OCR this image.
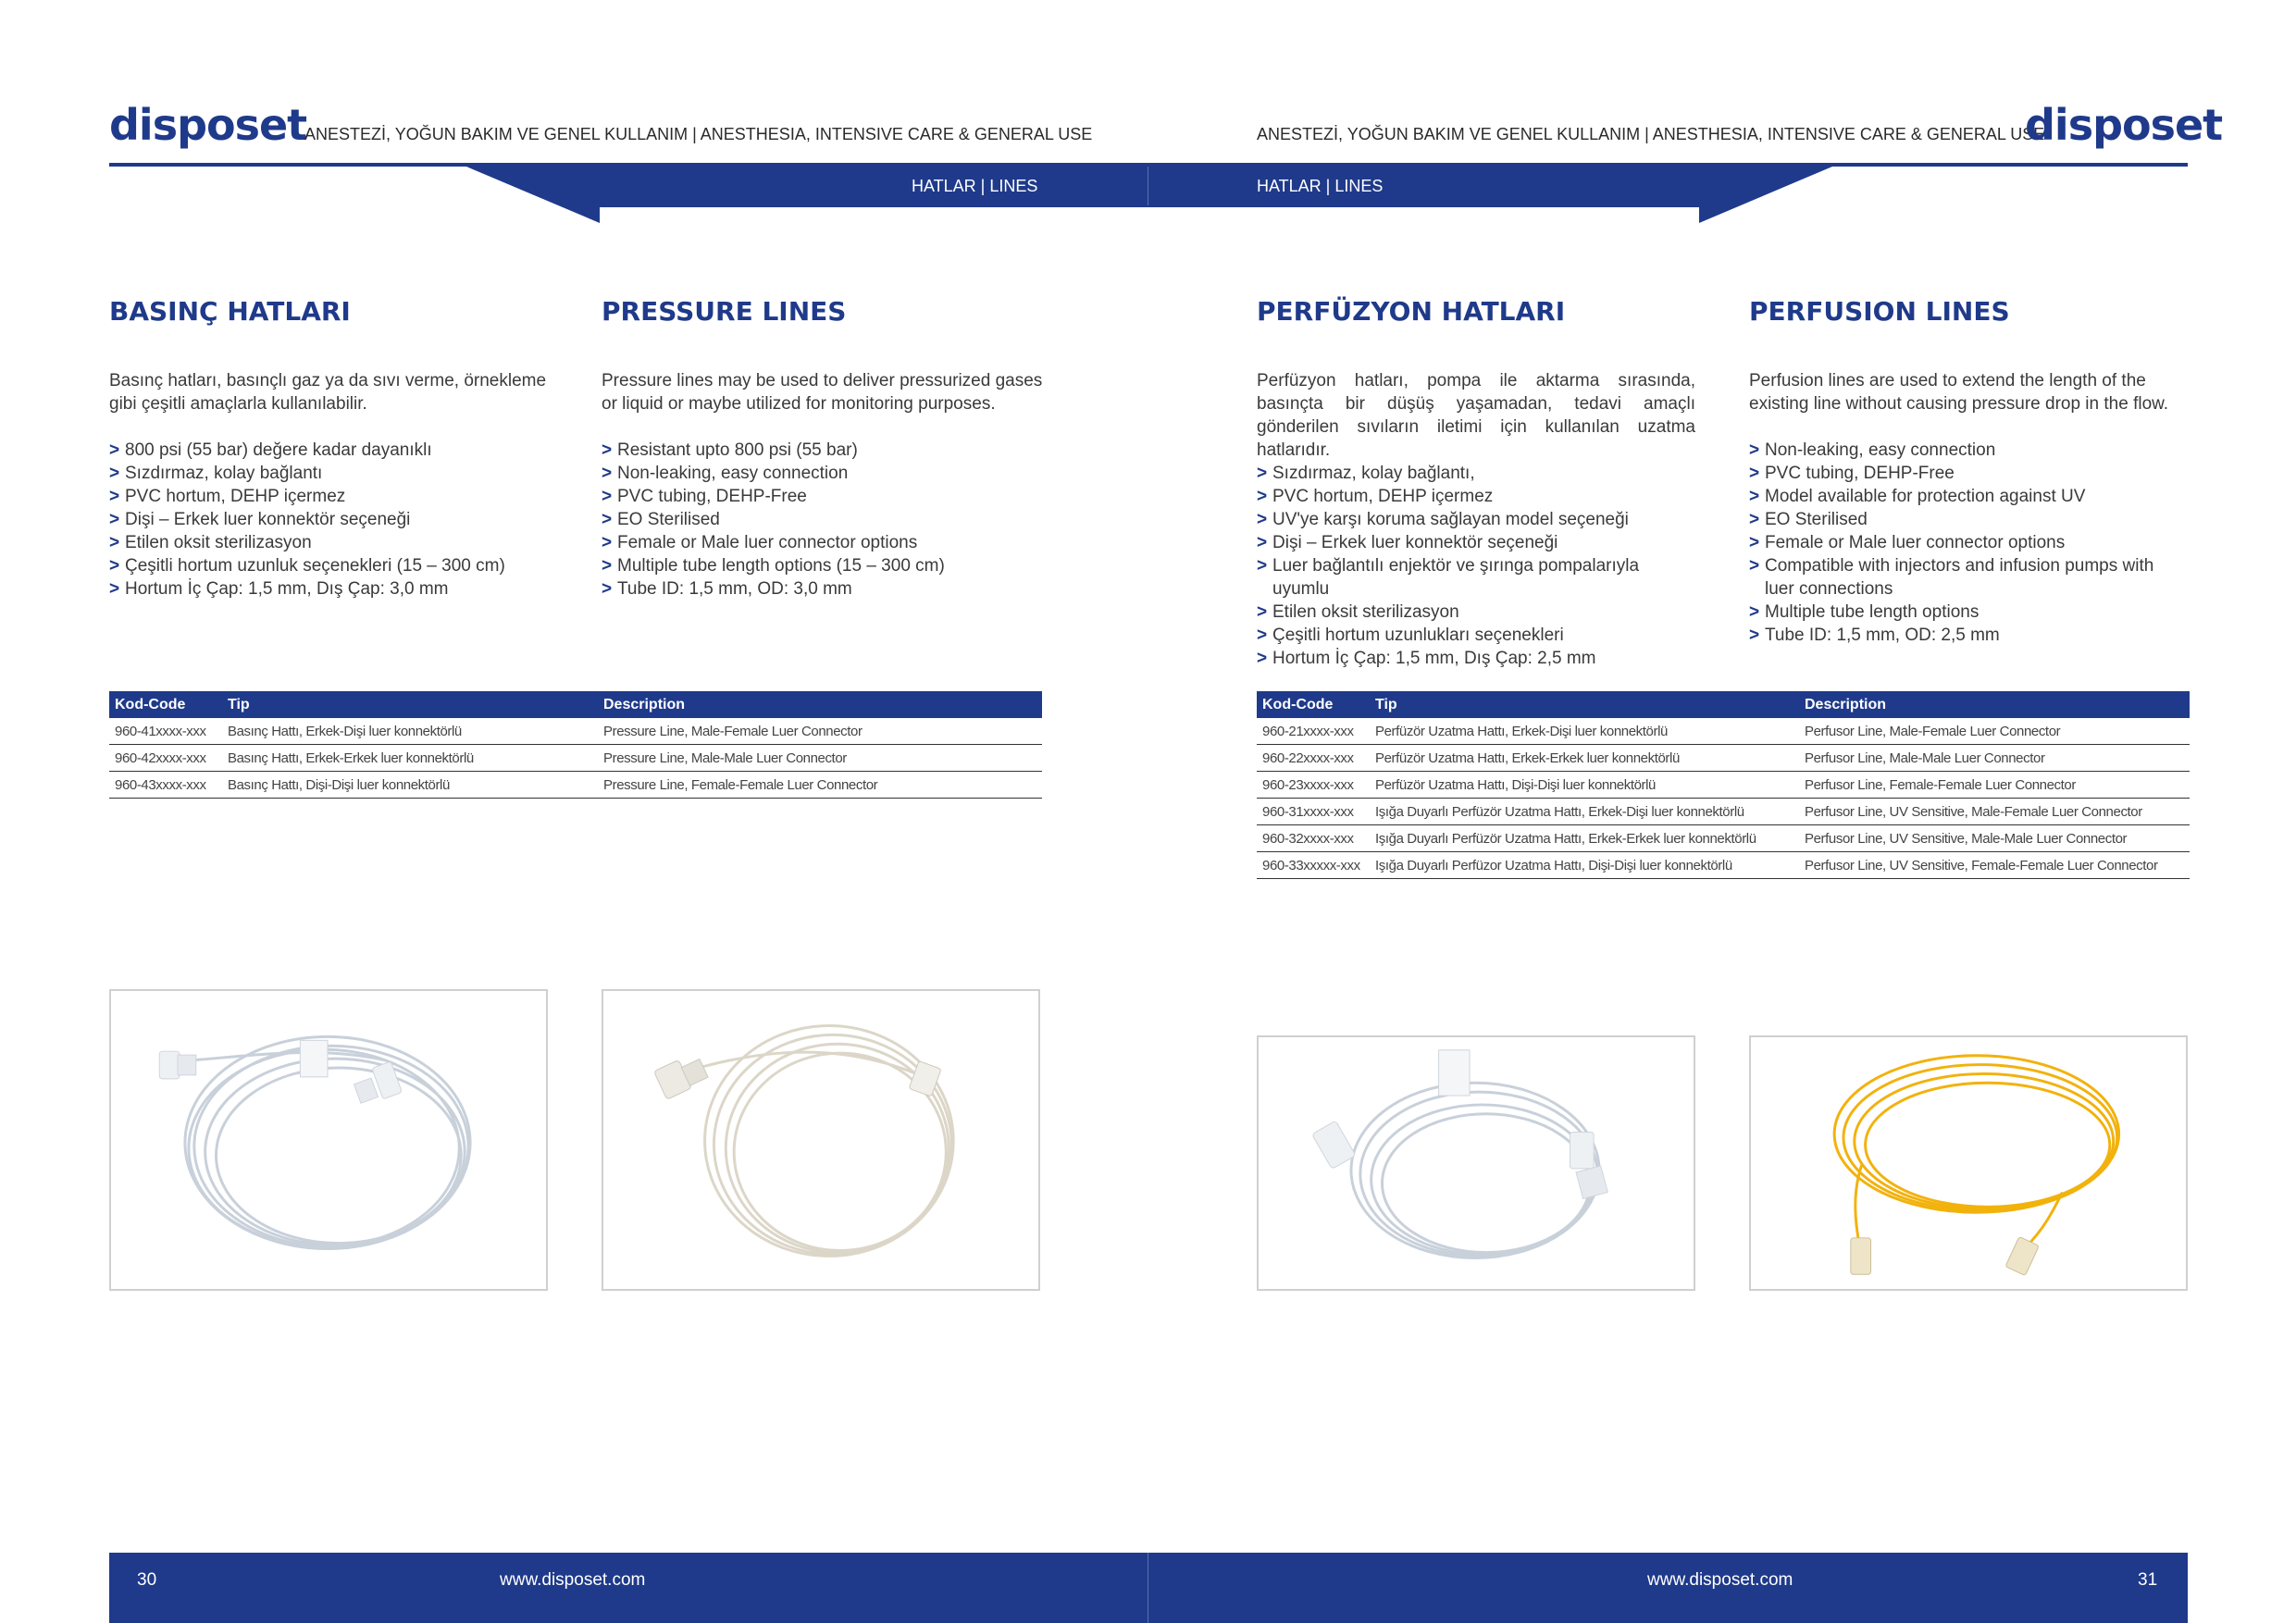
disposet
ANESTEZİ, YOĞUN BAKIM VE GENEL KULLANIM | ANESTHESIA, INTENSIVE CARE & GENERAL USE	ANESTEZİ, YOĞUN BAKIM VE GENEL KULLANIM | ANESTHESIA, INTENSIVE CARE & GENERAL USE
disposet
HATLAR | LINES	HATLAR | LINES
BASINÇ HATLARI	PRESSURE LINES
Basınç hatları, basınçlı gaz ya da sıvı verme, örnekleme gibi çeşitli amaçlarla kullanılabilir.
> 800 psi (55 bar) değere kadar dayanıklı
> Sızdırmaz, kolay bağlantı
> PVC hortum, DEHP içermez
> Dişi – Erkek luer konnektör seçeneği
> Etilen oksit sterilizasyon
> Çeşitli hortum uzunluk seçenekleri (15 – 300 cm)
> Hortum İç Çap: 1,5 mm, Dış Çap: 3,0 mm
Pressure lines may be used to deliver pressurized gases or liquid or maybe utilized for monitoring purposes.
> Resistant upto 800 psi (55 bar)
> Non-leaking, easy connection
> PVC tubing, DEHP-Free
> EO Sterilised
> Female or Male luer connector options
> Multiple tube length options (15 – 300 cm)
> Tube ID: 1,5 mm, OD: 3,0 mm
Kod-Code	Tip	Description
960-41xxxx-xxx	Basınç Hattı, Erkek-Dişi luer konnektörlü	Pressure Line, Male-Female Luer Connector
960-42xxxx-xxx	Basınç Hattı, Erkek-Erkek luer konnektörlü	Pressure Line, Male-Male Luer Connector
960-43xxxx-xxx	Basınç Hattı, Dişi-Dişi luer konnektörlü	Pressure Line, Female-Female Luer Connector
PERFÜZYON HATLARI	PERFUSION LINES
Perfüzyon hatları, pompa ile aktarma sırasında, basınçta bir düşüş yaşamadan, tedavi amaçlı gönderilen sıvıların iletimi için kullanılan uzatma hatlarıdır.
> Sızdırmaz, kolay bağlantı,
> PVC hortum, DEHP içermez
> UV'ye karşı koruma sağlayan model seçeneği
> Dişi – Erkek luer konnektör seçeneği
> Luer bağlantılı enjektör ve şırınga pompalarıyla uyumlu
> Etilen oksit sterilizasyon
> Çeşitli hortum uzunlukları seçenekleri
> Hortum İç Çap: 1,5 mm, Dış Çap: 2,5 mm
Perfusion lines are used to extend the length of the existing line without causing pressure drop in the flow.
> Non-leaking, easy connection
> PVC tubing, DEHP-Free
> Model available for protection against UV
> EO Sterilised
> Female or Male luer connector options
> Compatible with injectors and infusion pumps with luer connections
> Multiple tube length options
> Tube ID: 1,5 mm, OD: 2,5 mm
Kod-Code	Tip	Description
960-21xxxx-xxx	Perfüzör Uzatma Hattı, Erkek-Dişi luer konnektörlü	Perfusor Line, Male-Female Luer Connector
960-22xxxx-xxx	Perfüzör Uzatma Hattı, Erkek-Erkek luer konnektörlü	Perfusor Line, Male-Male Luer Connector
960-23xxxx-xxx	Perfüzör Uzatma Hattı, Dişi-Dişi luer konnektörlü	Perfusor Line, Female-Female Luer Connector
960-31xxxx-xxx	Işığa Duyarlı Perfüzör Uzatma Hattı, Erkek-Dişi luer konnektörlü	Perfusor Line, UV Sensitive, Male-Female Luer Connector
960-32xxxx-xxx	Işığa Duyarlı Perfüzör Uzatma Hattı, Erkek-Erkek luer konnektörlü	Perfusor Line, UV Sensitive, Male-Male Luer Connector
960-33xxxxx-xxx	Işığa Duyarlı Perfüzor Uzatma Hattı, Dişi-Dişi luer konnektörlü	Perfusor Line, UV Sensitive, Female-Female Luer Connector
30	www.disposet.com	www.disposet.com	31
